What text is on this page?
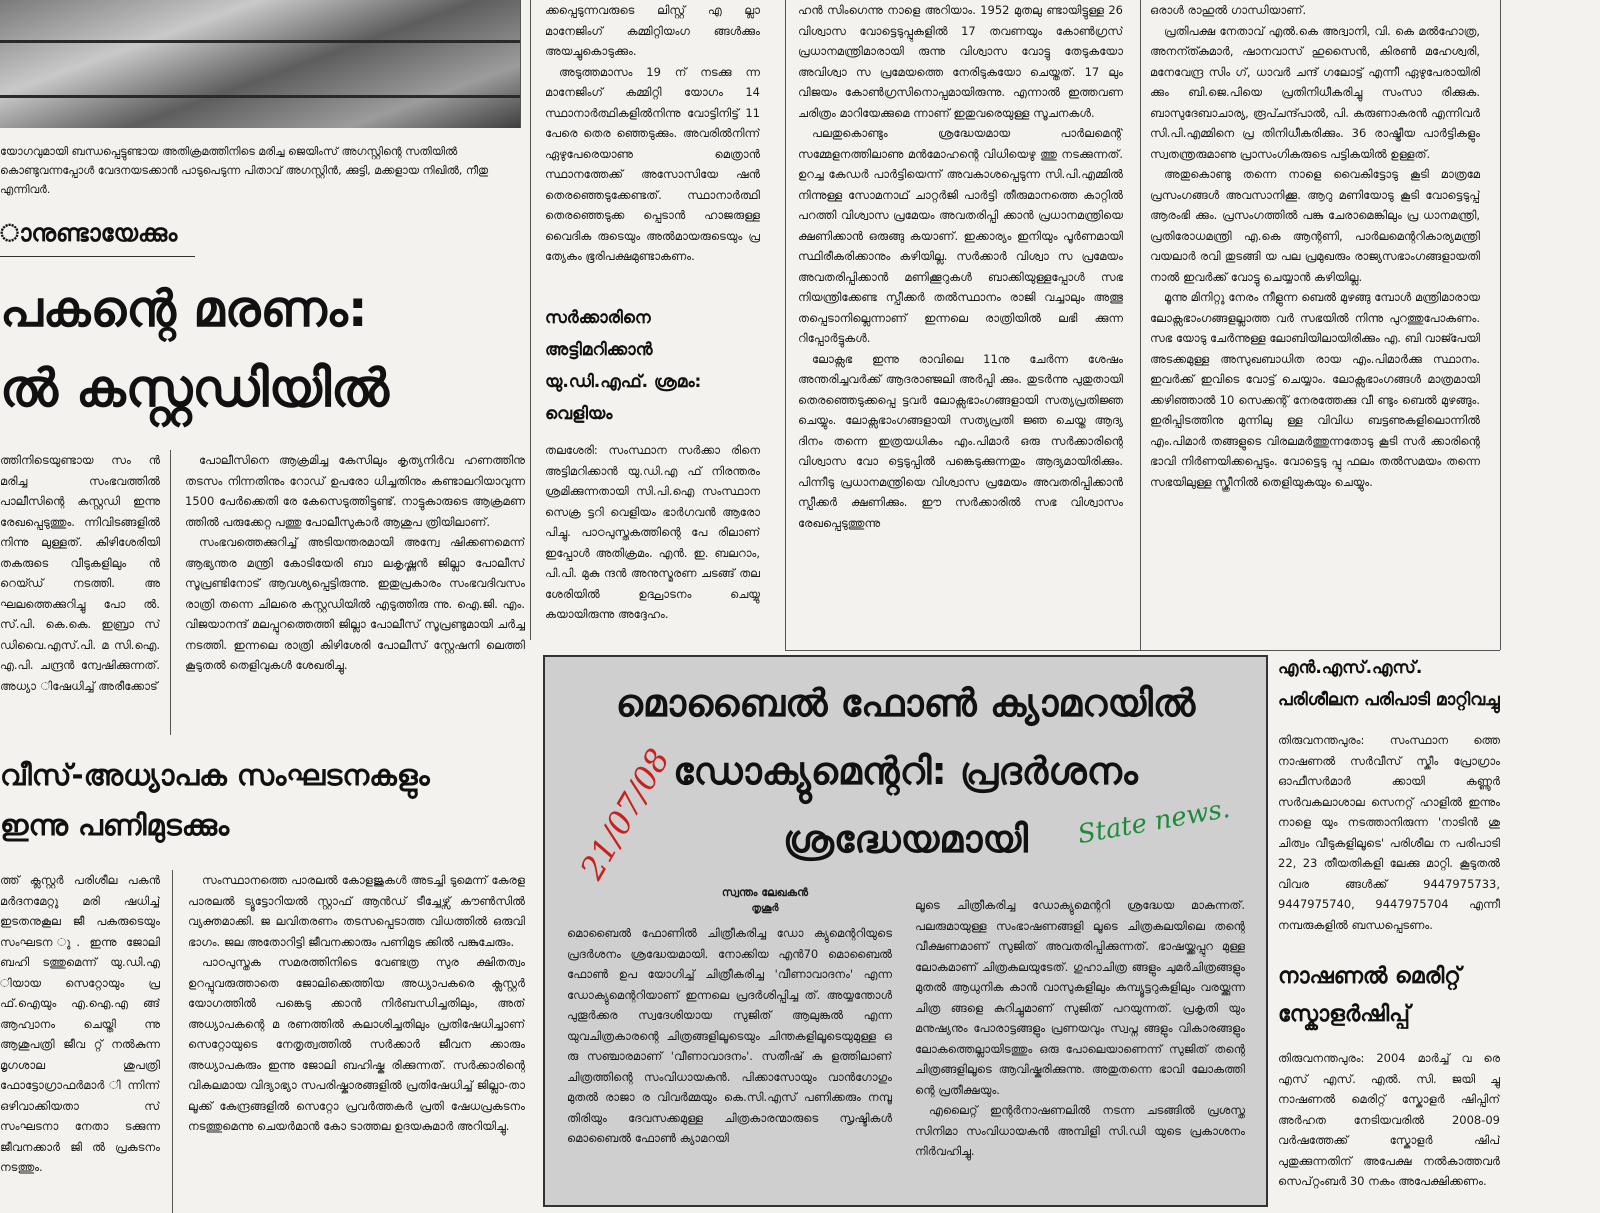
യോഗവുമായി ബന്ധപ്പെട്ടുണ്ടായ അതിക്രമത്തിനിടെ മരിച്ച ജെയിംസ് അഗസ്റ്റിന്റെ സതിയിൽ കൊണ്ടുവന്നപ്പോൾ വേദനയടക്കാൻ പാടുപെടുന്ന പിതാവ് അഗസ്റ്റിൻ, ക്കുട്ടി, മക്കളായ നിഖിൽ, നീതു എന്നിവർ.

ാനുണ്ടായേക്കും

പകന്റെ മരണം:

ൽ കസ്റ്റഡിയിൽ

ത്തിനിടെയുണ്ടായ സം ൻ മരിച്ച സംഭവത്തിൽ പാലീസിന്റെ കസ്റ്റഡി ഇന്നു രേഖപ്പെടുത്തും. ന്നിവിടങ്ങളിൽ നിന്നു ലുള്ളത്. കിഴിശേരിയി തകരുടെ വീടുകളിലും ൻ റെയ്ഡ് നടത്തി. അ ഘലത്തെക്കുറിച്ചു പോ ൽ. സ്.പി. കെ.കെ. ഇബ്രാ സ് ഡിവൈ.എസ്.പി. മ സി.ഐ. എ.പി. ചന്ദ്രൻ ന്വേഷിക്കുന്നത്. അധ്യാ ിഷേധിച്ച് അരീക്കോട്

പോലീസിനെ ആക്രമിച്ച കേസിലും കൃത്യനിർവ ഹണത്തിനു തടസം നിന്നതിനും റോഡ് ഉപരോ ധിച്ചതിനും കണ്ടാലറിയാവുന്ന 1500 പേർക്കെതി രേ കേസെടുത്തിട്ടുണ്ട്. നാട്ടുകാരുടെ ആക്രമണ ത്തിൽ പരുക്കേറ്റ പത്തു പോലീസുകാർ ആശുപ ത്രിയിലാണ്.

സംഭവത്തെക്കുറിച്ച് അടിയന്തരമായി അന്വേ ഷിക്കണമെന്ന് ആഭ്യന്തര മന്ത്രി കോടിയേരി ബാ ലകൃഷ്ണൻ ജില്ലാ പോലീസ് സൂപ്രണ്ടിനോട് ആവശ്യപ്പെട്ടിരുന്നു. ഇതുപ്രകാരം സംഭവദിവസം രാത്രി തന്നെ ചിലരെ കസ്റ്റഡിയിൽ എടുത്തിരു ന്നു. ഐ.ജി. എം. വിജയാനന്ദ് മലപ്പുറത്തെത്തി ജില്ലാ പോലീസ് സൂപ്രണ്ടുമായി ചർച്ച നടത്തി. ഇന്നലെ രാത്രി കിഴിശേരി പോലീസ് സ്റ്റേഷനി ലെത്തി കൂടുതൽ തെളിവുകൾ ശേഖരിച്ചു.

വീസ്-അധ്യാപക സംഘടനകളും

ഇന്നു പണിമുടക്കും

ത്ത് ക്ലസ്റ്റർ പരിശീല പകൻ മർദനമേറ്റു മരി ഷധിച്ച് ഇടതനുകൂല ജീ പകരുടെയും സംഘടന ു. ഇന്നു ജോലി ബഹി ടത്തുമെന്ന് യു.ഡി.എ ിയായ സെറ്റോയും പ്ര ഫ്.ഐയും എ.ഐ.എ ങ്ങ് ആഹ്വാനം ചെയ്തി ന്നു ആശുപത്രി ജീവ റ്റ് നൽകുന്ന മൃഗശാല ശുപത്രി ഫോട്ടോഗ്രാഫർമാർ ിന്നിന്ന് ഒഴിവാക്കിയതാ സ് സംഘടനാ നേതാ ടക്കുന്ന ജീവനക്കാർ ജി ൽ പ്രകടനം നടത്തും.

സംസ്ഥാനത്തെ പാരലൽ കോളജുകൾ അടച്ചി ടുമെന്ന് കേരള പാരലൽ ട്യൂട്ടോറിയൽ സ്റ്റാഫ് ആൻഡ് ടീച്ചേഴ്സ് കൗൺസിൽ വ്യക്തമാക്കി. ജ ലവിതരണം തടസപ്പെടാത്ത വിധത്തിൽ ഒരുവി ഭാഗം. ജല അതോറിട്ടി ജീവനക്കാരും പണിമുട ക്കിൽ പങ്കുചേരും.

പാഠപുസ്തക സമരത്തിനിടെ വേണ്ടത്ര സുര ക്ഷിതത്വം ഉറപ്പുവരുത്താതെ ജോലിക്കെത്തിയ അധ്യാപകരെ ക്ലസ്റ്റർ യോഗത്തിൽ പങ്കെടു ക്കാൻ നിർബന്ധിച്ചതിലും, അത് അധ്യാപകന്റെ മ രണത്തിൽ കലാശിച്ചതിലും പ്രതിഷേധിച്ചാണ് സെറ്റോയുടെ നേതൃത്വത്തിൽ സർക്കാർ ജീവന ക്കാരും അധ്യാപകരും ഇന്നു ജോലി ബഹിഷ്ക രിക്കുന്നത്. സർക്കാരിന്റെ വികലമായ വിദ്യാഭ്യാ സപരിഷ്കാരങ്ങളിൽ പ്രതിഷേധിച്ച് ജില്ലാ-താ ലൂക്ക് കേന്ദ്രങ്ങളിൽ സെറ്റോ പ്രവർത്തകർ പ്രതി ഷേധപ്രകടനം നടത്തുമെന്നു ചെയർമാൻ കോ ടാത്തല ഉദയകുമാർ അറിയിച്ചു.

ക്കപ്പെടുന്നവരുടെ ലിസ്റ്റ് എ ല്ലാ മാനേജിംഗ് കമ്മിറ്റിയംഗ ങ്ങൾക്കും അയച്ചുകൊടുക്കും.

അടുത്തമാസം 19 ന് നടക്കു ന്ന മാനേജിംഗ് കമ്മിറ്റി യോഗം 14 സ്ഥാനാർത്ഥികളിൽനിന്നു വോട്ടിനിട്ട് 11 പേരെ തെര ഞ്ഞെടുക്കും. അവരിൽനിന്ന് ഏഴുപേരെയാണു മെത്രാൻ സ്ഥാനത്തേക്ക് അസോസിയേ ഷൻ തെരഞ്ഞെടുക്കേണ്ടത്. സ്ഥാനാർത്ഥി തെരഞ്ഞെടുക്ക പ്പെടാൻ ഹാജരുള്ള വൈദിക രുടെയും അൽമായരുടെയും പ്ര ത്യേകം ഭൂരിപക്ഷമുണ്ടാകണം.

സർക്കാരിനെ

അട്ടിമറിക്കാൻ

യു.ഡി.എഫ്. ശ്രമം:

വെളിയം

തലശേരി: സംസ്ഥാന സർക്കാ രിനെ അട്ടിമറിക്കാൻ യു.ഡി.എ ഫ് നിരന്തരം ശ്രമിക്കുന്നതായി സി.പി.ഐ സംസ്ഥാന സെക്ര ട്ടറി വെളിയം ഭാർഗവൻ ആരോ പിച്ചു. പാഠപുസ്തകത്തിന്റെ പേ രിലാണ് ഇപ്പോൾ അതിക്രമം. എൻ. ഇ. ബലറാം, പി.പി. മുകു ന്ദൻ അനുസ്മരണ ചടങ്ങ് തല ശേരിയിൽ ഉദ്ഘാടനം ചെയ്യു കയായിരുന്നു അദ്ദേഹം.

ഹൻ സിംഗെന്നു നാളെ അറിയാം. 1952 മുതലു ണ്ടായിട്ടുള്ള 26 വിശ്വാസ വോട്ടെടുപ്പുകളിൽ 17 തവണയും കോൺഗ്രസ് പ്രധാനമന്ത്രിമാരായി രുന്നു വിശ്വാസ വോട്ടു തേടുകയോ അവിശ്വാ സ പ്രമേയത്തെ നേരിടുകയോ ചെയ്തത്. 17 ലും വിജയം കോൺഗ്രസിനൊപ്പമായിരുന്നു. എന്നാൽ ഇത്തവണ ചരിത്രം മാറിയേക്കുമെ ന്നാണ് ഇതുവരെയുള്ള സൂചനകൾ.

പലതുകൊണ്ടും ശ്രദ്ധേയമായ പാർലമെന്റ് സമ്മേളനത്തിലാണു മൻമോഹന്റെ വിധിയെഴു ത്തു നടക്കുന്നത്. ഉറച്ച കേഡർ പാർട്ടിയെന്ന് അവകാശപ്പെടുന്ന സി.പി.എമ്മിൽ നിന്നുള്ള സോമനാഥ് ചാറ്റർജി പാർട്ടി തീരുമാനത്തെ കാറ്റിൽ പറത്തി വിശ്വാസ പ്രമേയം അവതരിപ്പി ക്കാൻ പ്രധാനമന്ത്രിയെ ക്ഷണിക്കാൻ ഒരുങ്ങു കയാണ്. ഇക്കാര്യം ഇനിയും പൂർണമായി സ്ഥിരീകരിക്കാനും കഴിയില്ല. സർക്കാർ വിശ്വാ സ പ്രമേയം അവതരിപ്പിക്കാൻ മണിക്കൂറുകൾ ബാക്കിയുള്ളപ്പോൾ സഭ നിയന്ത്രിക്കേണ്ട സ്പീക്കർ തൽസ്ഥാനം രാജി വച്ചാലും അത്ഭു തപ്പെടാനില്ലെന്നാണ് ഇന്നലെ രാത്രിയിൽ ലഭി ക്കുന്ന റിപ്പോർട്ടുകൾ.

ലോക്സഭ ഇന്നു രാവിലെ 11നു ചേർന്ന ശേഷം അന്തരിച്ചവർക്ക് ആദരാഞ്ജലി അർപ്പി ക്കും. തുടർന്നു പുതുതായി തെരഞ്ഞെടുക്കപ്പെ ട്ടവർ ലോക്സഭാംഗങ്ങളായി സത്യപ്രതിജ്ഞ ചെയ്യും. ലോക്സഭാംഗങ്ങളായി സത്യപ്രതി ജ്ഞ ചെയ്ത ആദ്യ ദിനം തന്നെ ഇത്രയധികം എം.പിമാർ ഒരു സർക്കാരിന്റെ വിശ്വാസ വോ ട്ടെടുപ്പിൽ പങ്കെടുക്കുന്നതും ആദ്യമായിരിക്കും. പിന്നീടു പ്രധാനമന്ത്രിയെ വിശ്വാസ പ്രമേയം അവതരിപ്പിക്കാൻ സ്പീക്കർ ക്ഷണിക്കും. ഈ സർക്കാരിൽ സഭ വിശ്വാസം രേഖപ്പെടുത്തുന്നു

ഒരാൾ രാഹുൽ ഗാന്ധിയാണ്.

പ്രതിപക്ഷ നേതാവ് എൽ.കെ അദ്വാനി, വി. കെ മൽഹോത്ര, അനന്ത്കുമാർ, ഷാനവാസ് ഹുസൈൻ, കിരൺ മഹേശ്വരി, മനേവേന്ദ്ര സിം ഗ്, ധാവർ ചന്ദ് ഗലോട്ട് എന്നീ ഏഴുപേരായിരി ക്കും ബി.ജെ.പിയെ പ്രതിനിധീകരിച്ചു സംസാ രിക്കുക. ബാസുദേബാചാര്യ, രൂപ്ചന്ദ്പാൽ, പി. കരുണാകരൻ എന്നിവർ സി.പി.എമ്മിനെ പ്ര തിനിധീകരിക്കും. 36 രാഷ്ട്രീയ പാർട്ടികളും സ്വതന്ത്രരുമാണു പ്രാസംഗികരുടെ പട്ടികയിൽ ഉള്ളത്.

അതുകൊണ്ടു തന്നെ നാളെ വൈകിട്ടോടു കൂടി മാത്രമേ പ്രസംഗങ്ങൾ അവസാനിക്കൂ. ആറു മണിയോടു കൂടി വോട്ടെടുപ്പ് ആരംഭി ക്കും. പ്രസംഗത്തിൽ പങ്കു ചേരാമെങ്കിലും പ്ര ധാനമന്ത്രി, പ്രതിരോധമന്ത്രി എ.കെ ആന്റണി, പാർലമെന്ററികാര്യമന്ത്രി വയലാർ രവി തുടങ്ങി യ പല പ്രമുഖരും രാജ്യസഭാംഗങ്ങളായതി നാൽ ഇവർക്ക് വോട്ടു ചെയ്യാൻ കഴിയില്ല.

മൂന്നു മിനിറ്റു നേരം നീളുന്ന ബെൽ മുഴങ്ങു മ്പോൾ മന്ത്രിമാരായ ലോക്സഭാംഗങ്ങളല്ലാത്ത വർ സഭയിൽ നിന്നു പുറത്തുപോകണം. സഭ യോടു ചേർന്നുള്ള ലോബിയിലായിരിക്കും എ. ബി വാജ്പേയി അടക്കമുള്ള അസുഖബാധിത രായ എം.പിമാർക്കു സ്ഥാനം. ഇവർക്ക് ഇവിടെ വോട്ട് ചെയ്യാം. ലോക്സഭാംഗങ്ങൾ മാത്രമായി ക്കഴിഞ്ഞാൽ 10 സെക്കന്റ് നേരത്തേക്കു വീ ണ്ടും ബെൽ മുഴങ്ങും. ഇരിപ്പിടത്തിനു മുന്നിലു ള്ള വിവിധ ബട്ടണുകളിലൊന്നിൽ എം.പിമാർ തങ്ങളുടെ വിരലമർത്തുന്നതോടു കൂടി സർ ക്കാരിന്റെ ഭാവി നിർണയിക്കപ്പെടും. വോട്ടെടു പ്പു ഫലം തൽസമയം തന്നെ സഭയിലുള്ള സ്ക്രീനിൽ തെളിയുകയും ചെയ്യും.

മൊബൈൽ ഫോൺ ക്യാമറയിൽ

ഡോക്യുമെന്ററി: പ്രദർശനം

ശ്രദ്ധേയമായി

21/07/08	State news.

സ്വന്തം ലേഖകൻ

തൃശൂർ

മൊബൈൽ ഫോണിൽ ചിത്രീകരിച്ച ഡോ ക്യുമെന്ററിയുടെ പ്രദർശനം ശ്രദ്ധേയമായി. നോക്കിയ എൻ70 മൊബൈൽ ഫോൺ ഉപ യോഗിച്ച് ചിത്രീകരിച്ച 'വീണാവാദനം' എന്ന ഡോക്യുമെന്ററിയാണ് ഇന്നലെ പ്രദർശിപ്പിച്ച ത്. അയ്യന്തോൾ പുതൂർക്കര സ്വദേശിയായ സുജിത് ആലുങ്കൽ എന്ന യുവചിത്രകാരന്റെ ചിത്രങ്ങളിലൂടെയും ചിന്തകളിലൂടെയുമുള്ള ഒ രു സഞ്ചാരമാണ് 'വീണാവാദനം'. സതീഷ് ക ളത്തിലാണ് ചിത്രത്തിന്റെ സംവിധായകൻ. പിക്കാസോയും വാൻഗോഗും മുതൽ രാജാ ര വിവർമ്മയും കെ.സി.എസ് പണിക്കരും നമ്പൂ തിരിയും ദേവസക്കമുള്ള ചിത്രകാരന്മാരുടെ സൃഷ്ടികൾ മൊബൈൽ ഫോൺ ക്യാമറയി

ലൂടെ ചിത്രീകരിച്ച ഡോക്യുമെന്ററി ശ്രദ്ധേയ മാകുന്നത്. പലരുമായുള്ള സംഭാഷണങ്ങളി ലൂടെ ചിത്രകലയിലെ തന്റെ വീക്ഷണമാണ് സുജിത് അവതരിപ്പിക്കുന്നത്. ഭാഷയ്ക്കപ്പുറ മുള്ള ലോകമാണ് ചിത്രകലയുടേത്. ഗുഹാചിത്ര ങ്ങളും ചുമർചിത്രങ്ങളും മുതൽ ആധുനിക കാൻ വാസുകളിലും കമ്പ്യൂട്ടറുകളിലും വരയ്ക്കുന്ന ചിത്ര ങ്ങളെ കുറിച്ചുമാണ് സുജിത് പറയുന്നത്. പ്രകൃതി യും മനുഷ്യനും പോരാട്ടങ്ങളും പ്രണയവും സ്വപ്ന ങ്ങളും വികാരങ്ങളും ലോകത്തെല്ലായിടത്തും ഒരു പോലെയാണെന്ന് സുജിത് തന്റെ ചിത്രങ്ങളിലൂടെ ആവിഷ്കരിക്കുന്നു. അതുതന്നെ ഭാവി ലോകത്തി ന്റെ പ്രതീക്ഷയും.

എലൈറ്റ് ഇന്റർനാഷണലിൽ നടന്ന ചടങ്ങിൽ പ്രശസ്ത സിനിമാ സംവിധായകൻ അമ്പിളി സി.ഡി യുടെ പ്രകാശനം നിർവഹിച്ചു.

എൻ.എസ്.എസ്.

പരിശീലന പരിപാടി മാറ്റിവച്ചു

തിരുവനന്തപുരം: സംസ്ഥാന ത്തെ നാഷണൽ സർവീസ് സ്കീം പ്രോഗ്രാം ഓഫീസർമാർ ക്കായി കണ്ണൂർ സർവകലാശാല സെനറ്റ് ഹാളിൽ ഇന്നും നാളെ യും നടത്താനിരുന്ന 'നാടിൻ ശു ചിത്വം വീടുകളിലൂടെ' പരിശീല ന പരിപാടി 22, 23 തീയതികളി ലേക്കു മാറ്റി. കൂടുതൽ വിവര ങ്ങൾക്ക് 9447975733, 9447975740, 9447975704 എന്നീ നമ്പരുകളിൽ ബന്ധപ്പെടണം.

നാഷണൽ മെരിറ്റ്

സ്കോളർഷിപ്പ്

തിരുവനന്തപുരം: 2004 മാർച്ച് വ രെ എസ് എസ്. എൽ. സി. ജയി ച്ചു നാഷണൽ മെരിറ്റ് സ്കോളർ ഷിപ്പിന് അർഹത നേടിയവരിൽ 2008-09 വർഷത്തേക്ക് സ്കോളർ ഷിപ് പുതുക്കുന്നതിന് അപേക്ഷ നൽകാത്തവർ സെപ്റ്റംബർ 30 നകം അപേക്ഷിക്കണം.
